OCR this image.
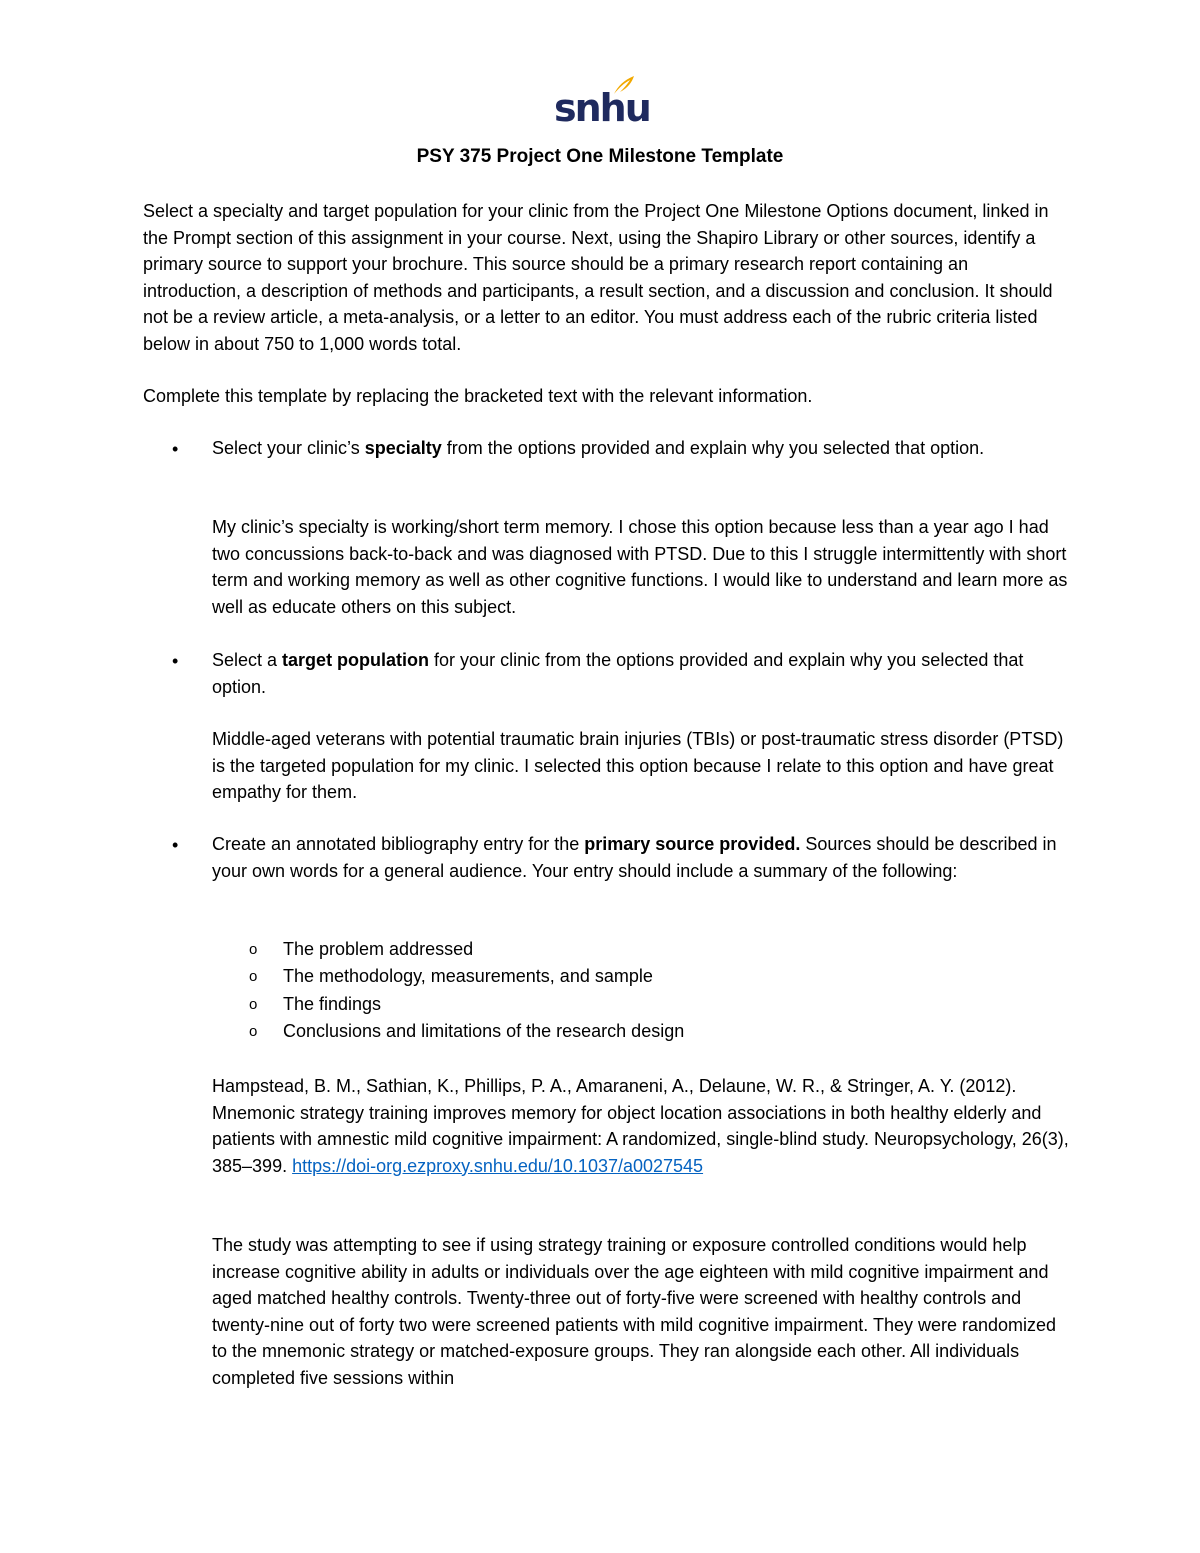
snhu
PSY 375 Project One Milestone Template
Select a specialty and target population for your clinic from the Project One Milestone Options document, linked in the Prompt section of this assignment in your course. Next, using the Shapiro Library or other sources, identify a primary source to support your brochure. This source should be a primary research report containing an introduction, a description of methods and participants, a result section, and a discussion and conclusion. It should not be a review article, a meta-analysis, or a letter to an editor. You must address each of the rubric criteria listed below in about 750 to 1,000 words total.
Complete this template by replacing the bracketed text with the relevant information.
• Select your clinic’s specialty from the options provided and explain why you selected that option.
My clinic’s specialty is working/short term memory. I chose this option because less than a year ago I had two concussions back-to-back and was diagnosed with PTSD. Due to this I struggle intermittently with short term and working memory as well as other cognitive functions. I would like to understand and learn more as well as educate others on this subject.
• Select a target population for your clinic from the options provided and explain why you selected that option.
Middle-aged veterans with potential traumatic brain injuries (TBIs) or post-traumatic stress disorder (PTSD) is the targeted population for my clinic. I selected this option because I relate to this option and have great empathy for them.
• Create an annotated bibliography entry for the primary source provided. Sources should be described in your own words for a general audience. Your entry should include a summary of the following:
o The problem addressed
o The methodology, measurements, and sample
o The findings
o Conclusions and limitations of the research design
Hampstead, B. M., Sathian, K., Phillips, P. A., Amaraneni, A., Delaune, W. R., & Stringer, A. Y. (2012). Mnemonic strategy training improves memory for object location associations in both healthy elderly and patients with amnestic mild cognitive impairment: A randomized, single-blind study. Neuropsychology, 26(3), 385–399. https://doi-org.ezproxy.snhu.edu/10.1037/a0027545
The study was attempting to see if using strategy training or exposure controlled conditions would help increase cognitive ability in adults or individuals over the age eighteen with mild cognitive impairment and aged matched healthy controls. Twenty-three out of forty-five were screened with healthy controls and twenty-nine out of forty two were screened patients with mild cognitive impairment. They were randomized to the mnemonic strategy or matched-exposure groups. They ran alongside each other. All individuals completed five sessions within
